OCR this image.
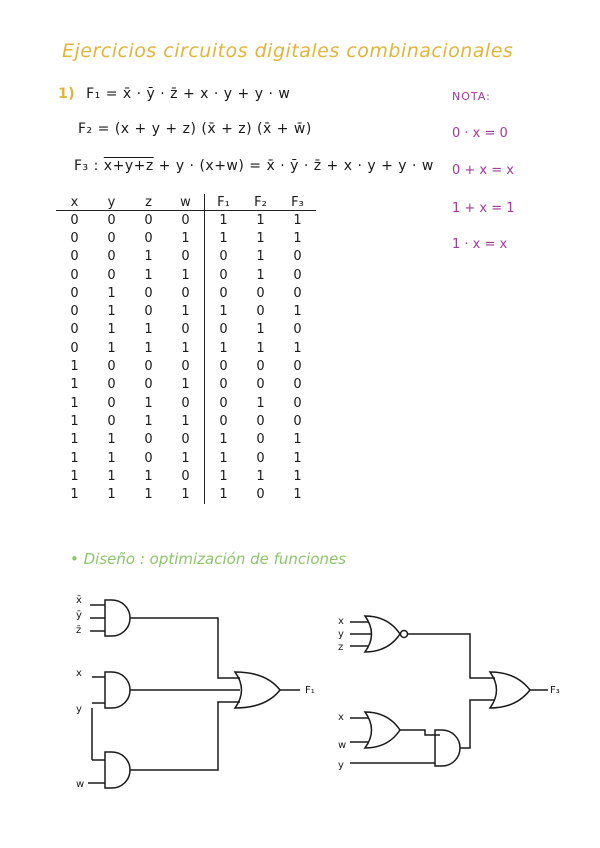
Ejercicios circuitos digitales combinacionales
1) F₁ = x̄ · ȳ · z̄ + x · y + y · w
F₂ = (x + y + z) (x̄ + z) (x̄ + w̄)
F₃ : x+y+z + y · (x+w) = x̄ · ȳ · z̄ + x · y + y · w
NOTA:
0 · x = 0
0 + x = x
1 + x = 1
1 · x = x
x	y	z	w	F₁	F₂	F₃
0	0	0	0	1	1	1
0	0	0	1	1	1	1
0	0	1	0	0	1	0
0	0	1	1	0	1	0
0	1	0	0	0	0	0
0	1	0	1	1	0	1
0	1	1	0	0	1	0
0	1	1	1	1	1	1
1	0	0	0	0	0	0
1	0	0	1	0	0	0
1	0	1	0	0	1	0
1	0	1	1	0	0	0
1	1	0	0	1	0	1
1	1	0	1	1	0	1
1	1	1	0	1	1	1
1	1	1	1	1	0	1
• Diseño : optimización de funciones
x̄
ȳ
z̄
x
y
w
F₁
x
y
z
x
w
y
F₃
